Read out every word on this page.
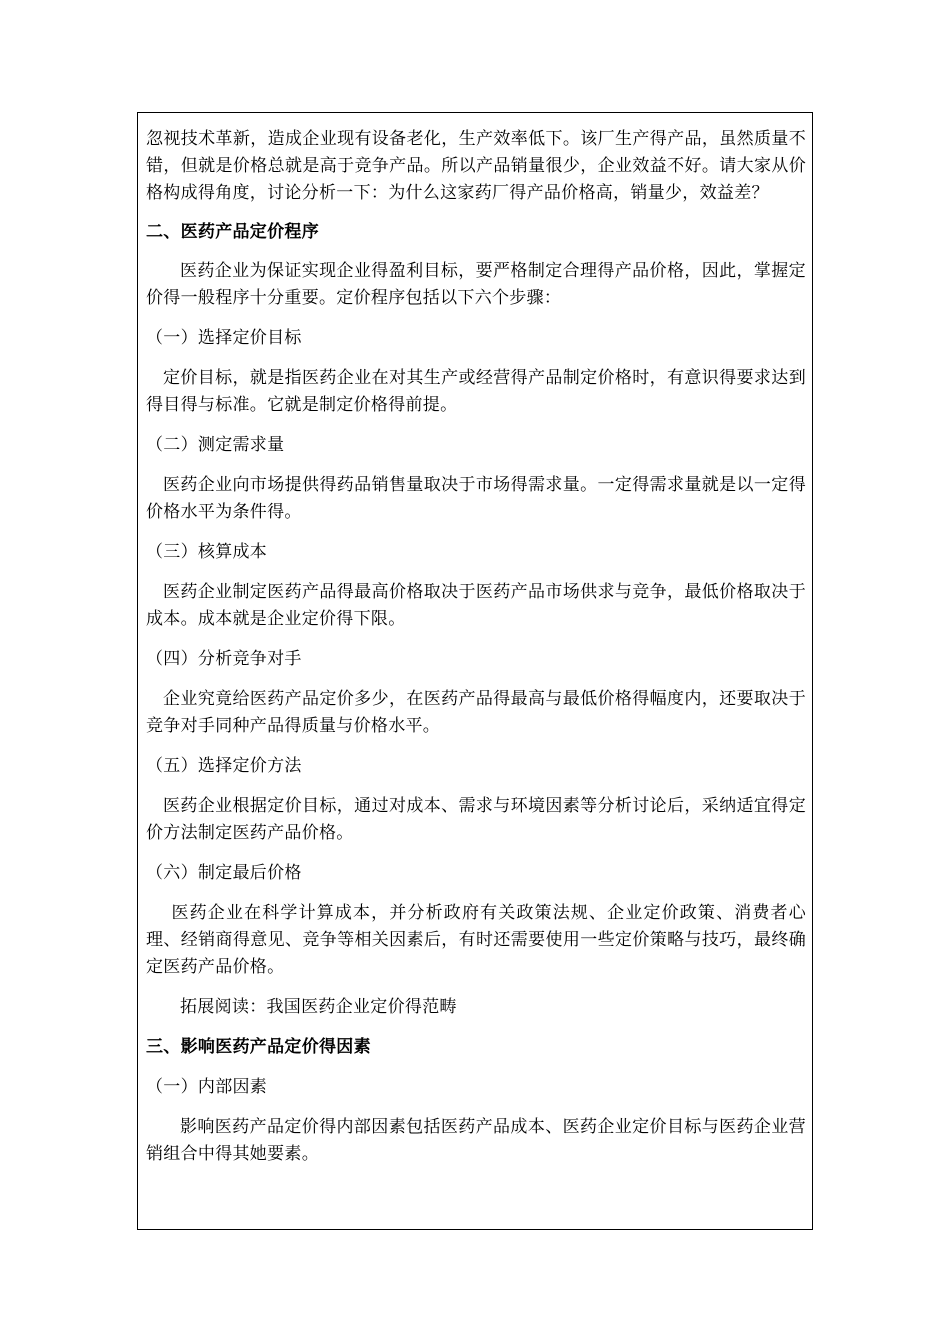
忽视技术革新，造成企业现有设备老化，生产效率低下。该厂生产得产品，虽然质量不错，但就是价格总就是高于竞争产品。所以产品销量很少，企业效益不好。请大家从价格构成得角度，讨论分析一下：为什么这家药厂得产品价格高，销量少，效益差？

二、医药产品定价程序

医药企业为保证实现企业得盈利目标，要严格制定合理得产品价格，因此，掌握定价得一般程序十分重要。定价程序包括以下六个步骤：

（一）选择定价目标

定价目标，就是指医药企业在对其生产或经营得产品制定价格时，有意识得要求达到得目得与标准。它就是制定价格得前提。

（二）测定需求量

医药企业向市场提供得药品销售量取决于市场得需求量。一定得需求量就是以一定得价格水平为条件得。

（三）核算成本

医药企业制定医药产品得最高价格取决于医药产品市场供求与竞争，最低价格取决于成本。成本就是企业定价得下限。

（四）分析竞争对手

企业究竟给医药产品定价多少，在医药产品得最高与最低价格得幅度内，还要取决于竞争对手同种产品得质量与价格水平。

（五）选择定价方法

医药企业根据定价目标，通过对成本、需求与环境因素等分析讨论后，采纳适宜得定价方法制定医药产品价格。

（六）制定最后价格

医药企业在科学计算成本，并分析政府有关政策法规、企业定价政策、消费者心理、经销商得意见、竞争等相关因素后，有时还需要使用一些定价策略与技巧，最终确定医药产品价格。

拓展阅读：我国医药企业定价得范畴

三、影响医药产品定价得因素

（一）内部因素

影响医药产品定价得内部因素包括医药产品成本、医药企业定价目标与医药企业营销组合中得其她要素。
